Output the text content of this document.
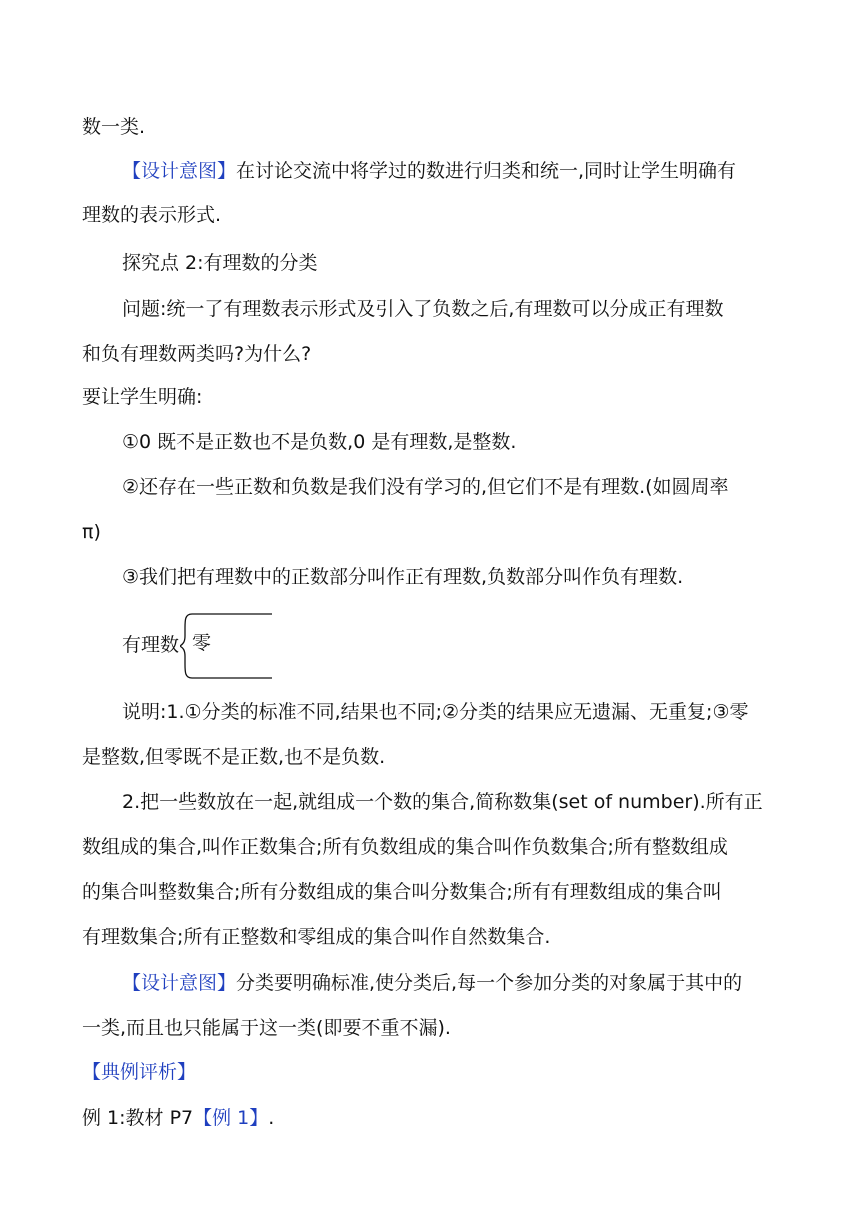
数一类.
【设计意图】在讨论交流中将学过的数进行归类和统一,同时让学生明确有
理数的表示形式.
探究点 2:有理数的分类
问题:统一了有理数表示形式及引入了负数之后,有理数可以分成正有理数
和负有理数两类吗?为什么?
要让学生明确:
①0 既不是正数也不是负数,0 是有理数,是整数.
②还存在一些正数和负数是我们没有学习的,但它们不是有理数.(如圆周率
π)
③我们把有理数中的正数部分叫作正有理数,负数部分叫作负有理数.
有理数 零
说明:1.①分类的标准不同,结果也不同;②分类的结果应无遗漏、无重复;③零
是整数,但零既不是正数,也不是负数.
2.把一些数放在一起,就组成一个数的集合,简称数集(set of number).所有正
数组成的集合,叫作正数集合;所有负数组成的集合叫作负数集合;所有整数组成
的集合叫整数集合;所有分数组成的集合叫分数集合;所有有理数组成的集合叫
有理数集合;所有正整数和零组成的集合叫作自然数集合.
【设计意图】分类要明确标准,使分类后,每一个参加分类的对象属于其中的
一类,而且也只能属于这一类(即要不重不漏).
【典例评析】
例 1:教材 P7【例 1】.
